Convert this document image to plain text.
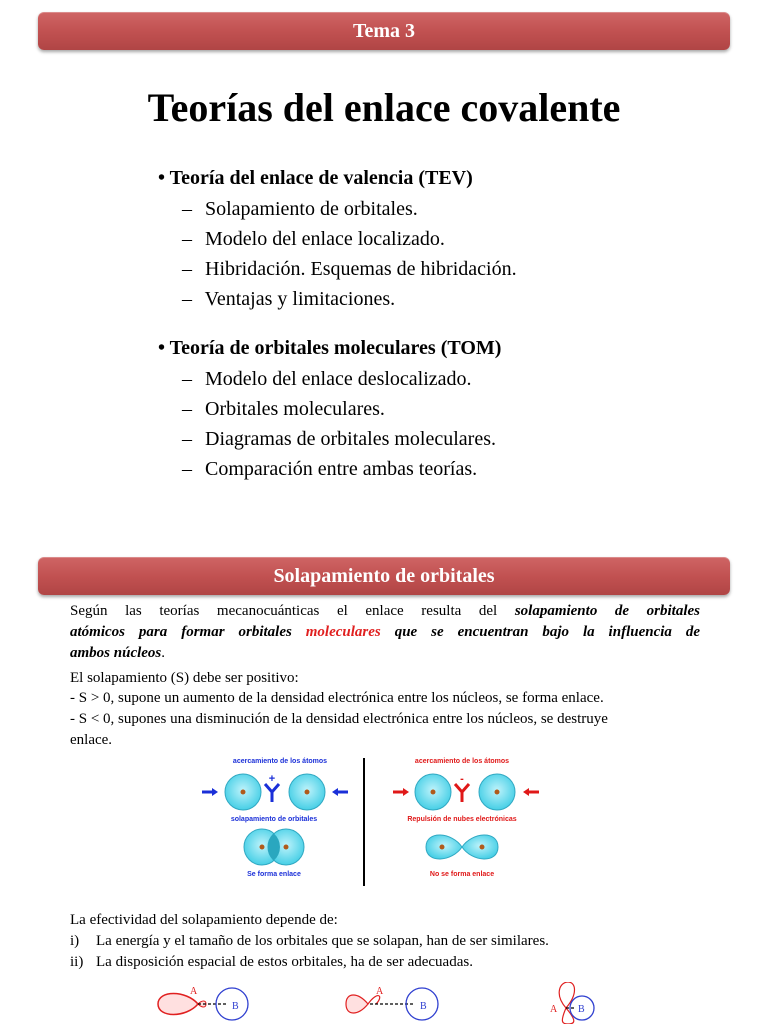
Tema 3
Teorías del enlace covalente
• Teoría del enlace de valencia (TEV)
– Solapamiento de orbitales.
– Modelo del enlace localizado.
– Hibridación. Esquemas de hibridación.
– Ventajas y limitaciones.
• Teoría de orbitales moleculares (TOM)
– Modelo del enlace deslocalizado.
– Orbitales moleculares.
– Diagramas de orbitales moleculares.
– Comparación entre ambas teorías.
Solapamiento de orbitales
Según las teorías mecanocuánticas el enlace resulta del solapamiento de orbitales
atómicos para formar orbitales moleculares que se encuentran bajo la influencia de
ambos núcleos.
El solapamiento (S) debe ser positivo:
- S > 0, supone un aumento de la densidad electrónica entre los núcleos, se forma enlace.
- S < 0, supones una disminución de la densidad electrónica entre los núcleos, se destruye
enlace.
acercamiento de los átomos
+
solapamiento de orbitales
Se forma enlace
acercamiento de los átomos
-
Repulsión de nubes electrónicas
No se forma enlace
La efectividad del solapamiento depende de:
i) La energía y el tamaño de los orbitales que se solapan, han de ser similares.
ii) La disposición espacial de estos orbitales, ha de ser adecuadas.
A
B
A
B	A B
